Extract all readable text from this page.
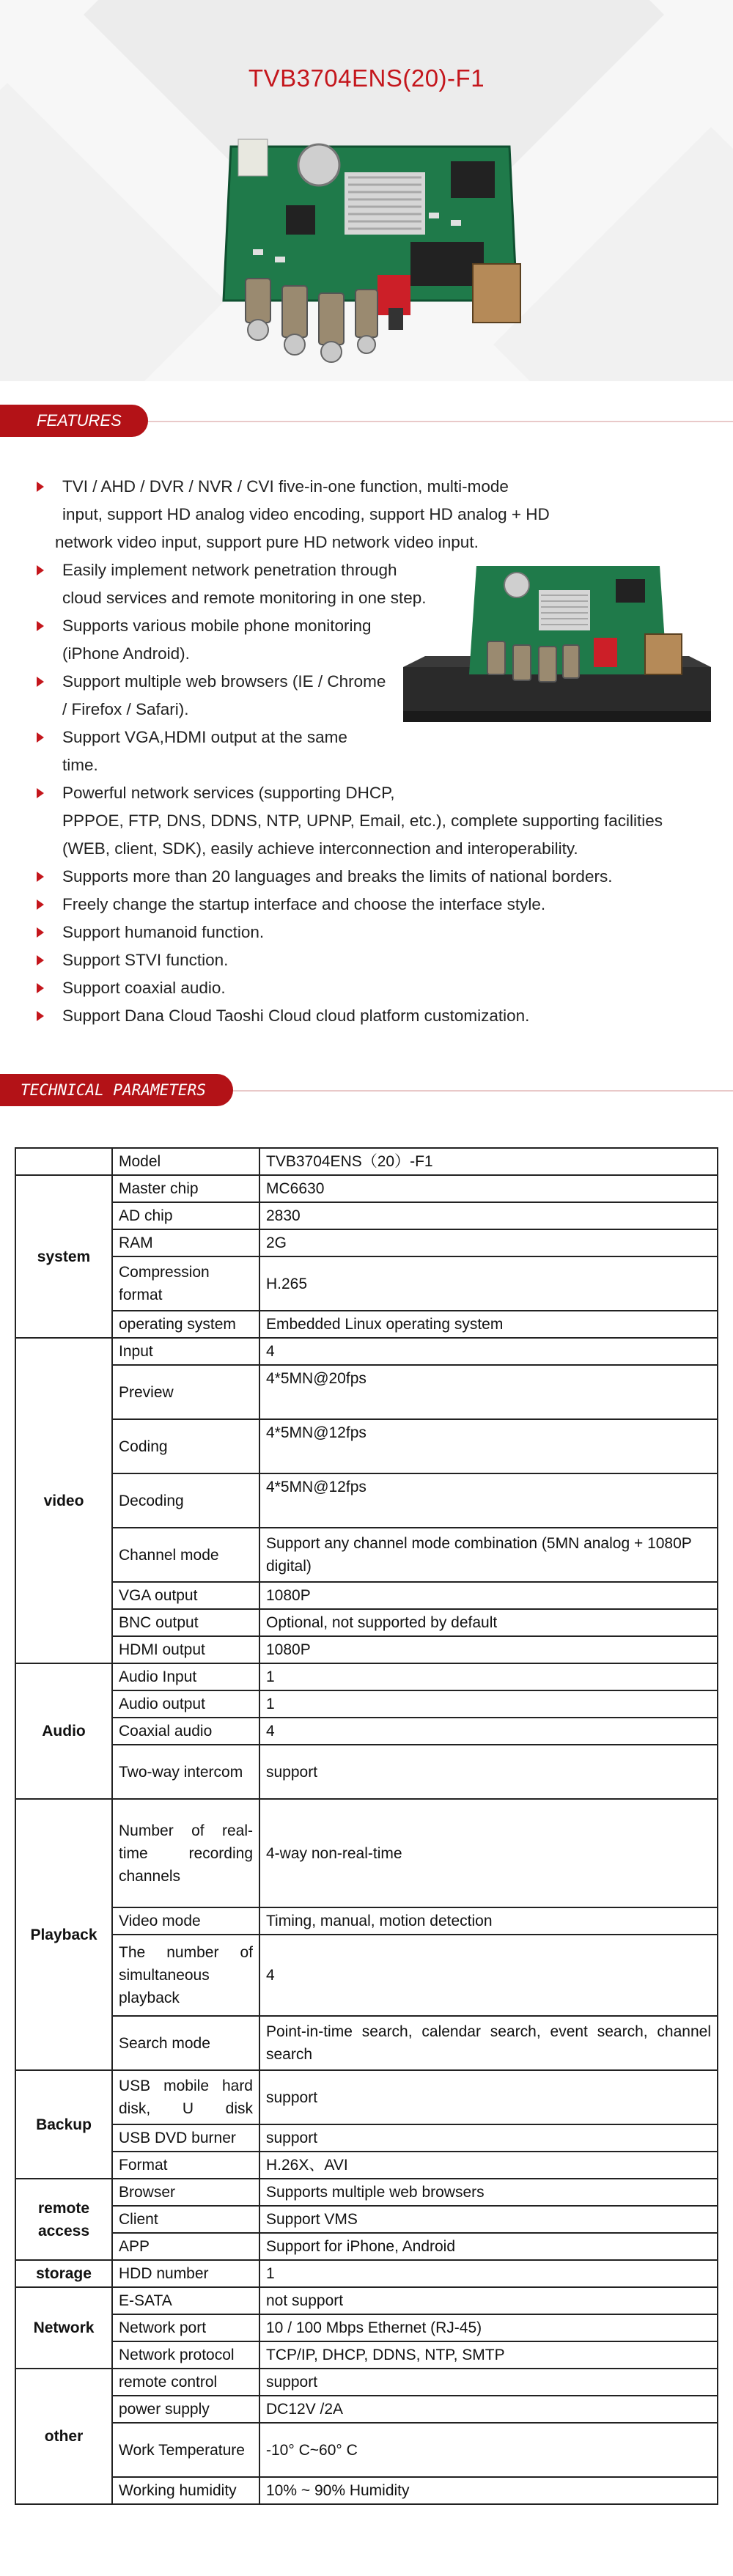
TVB3704ENS(20)-F1
FEATURES
TVI / AHD / DVR / NVR / CVI five-in-one function, multi-mode
input, support HD analog video encoding, support HD analog + HD
network video input, support pure HD network video input.
Easily implement network penetration through
cloud services and remote monitoring in one step.
Supports various mobile phone monitoring
(iPhone Android).
Support multiple web browsers (IE / Chrome
/ Firefox / Safari).
Support VGA,HDMI output at the same
time.
Powerful network services (supporting DHCP,
PPPOE, FTP, DNS, DDNS, NTP, UPNP, Email, etc.), complete supporting facilities
(WEB, client, SDK), easily achieve interconnection and interoperability.
Supports more than 20 languages and breaks the limits of national borders.
Freely change the startup interface and choose the interface style.
Support humanoid function.
Support STVI function.
Support coaxial audio.
Support Dana Cloud Taoshi Cloud cloud platform customization.
TECHNICAL PARAMETERS
	Model	TVB3704ENS（20）-F1
system	Master chip	MC6630
	AD chip	2830
	RAM	2G
	Compression format	H.265
	operating system	Embedded Linux operating system
video	Input	4
	Preview	4*5MN@20fps
	Coding	4*5MN@12fps
	Decoding	4*5MN@12fps
	Channel mode	Support any channel mode combination (5MN analog + 1080P digital)
	VGA output	1080P
	BNC output	Optional, not supported by default
	HDMI output	1080P
Audio	Audio Input	1
	Audio output	1
	Coaxial audio	4
	Two-way intercom	support
Playback	Number of real-time recording channels	4-way non-real-time
	Video mode	Timing, manual, motion detection
	The number of simultaneous playback	4
	Search mode	Point-in-time search, calendar search, event search, channel search
Backup	USB mobile hard disk, U disk	support
	USB DVD burner	support
	Format	H.26X、AVI
remote access	Browser	Supports multiple web browsers
	Client	Support VMS
	APP	Support for iPhone, Android
storage	HDD number	1
Network	E-SATA	not support
	Network port	10 / 100 Mbps Ethernet (RJ-45)
	Network protocol	TCP/IP, DHCP, DDNS, NTP, SMTP
other	remote control	support
	power supply	DC12V /2A
	Work Temperature	-10° C~60° C
	Working humidity	10% ~ 90% Humidity
